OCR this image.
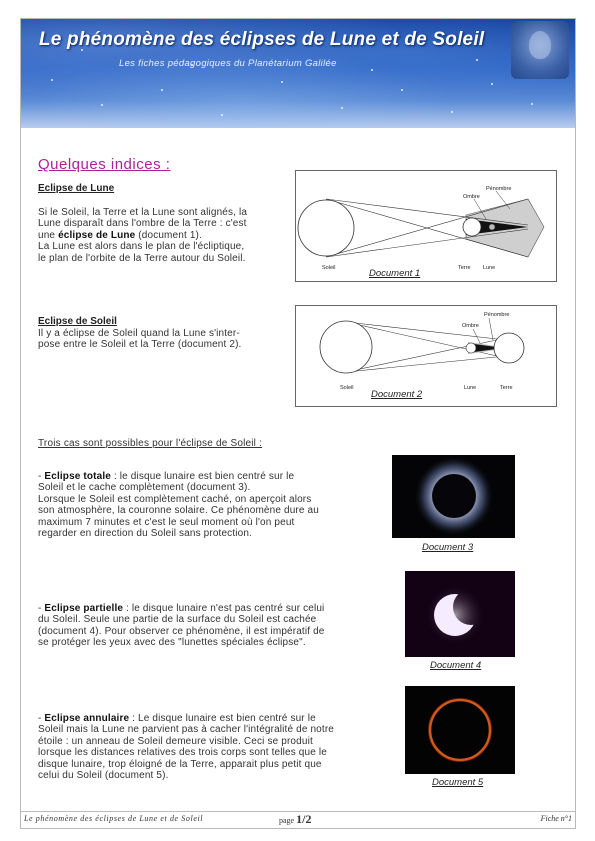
Le phénomène des éclipses de Lune et de Soleil
Les fiches pédagogiques du Planétarium Galilée
Quelques indices :
Eclipse de Lune
Si le Soleil, la Terre et la Lune sont alignés, la
Lune disparaît dans l'ombre de la Terre : c'est
une éclipse de Lune (document 1).
La Lune est alors dans le plan de l'écliptique,
le plan de l'orbite de la Terre autour du Soleil.
Ombre
Pénombre
Soleil	Terre Lune
Document 1
Eclipse de Soleil
Il y a éclipse de Soleil quand la Lune s'inter-
pose entre le Soleil et la Terre (document 2).
Ombre
Pénombre
Soleil	Lune	Terre
Document 2
Trois cas sont possibles pour l'éclipse de Soleil :
- Eclipse totale : le disque lunaire est bien centré sur le
Soleil et le cache complètement (document 3).
Lorsque le Soleil est complètement caché, on aperçoit alors
son atmosphère, la couronne solaire. Ce phénomène dure au
maximum 7 minutes et c'est le seul moment où l'on peut
regarder en direction du Soleil sans protection.
Document 3
- Eclipse partielle : le disque lunaire n'est pas centré sur celui
du Soleil. Seule une partie de la surface du Soleil est cachée
(document 4). Pour observer ce phénomène, il est impératif de
se protéger les yeux avec des "lunettes spéciales éclipse".
Document 4
- Eclipse annulaire : Le disque lunaire est bien centré sur le
Soleil mais la Lune ne parvient pas à cacher l'intégralité de notre
étoile : un anneau de Soleil demeure visible. Ceci se produit
lorsque les distances relatives des trois corps sont telles que le
disque lunaire, trop éloigné de la Terre, apparait plus petit que
celui du Soleil (document 5).
Document 5
Le phénomène des éclipses de Lune et de Soleil	page 1/2	Fiche n°1
